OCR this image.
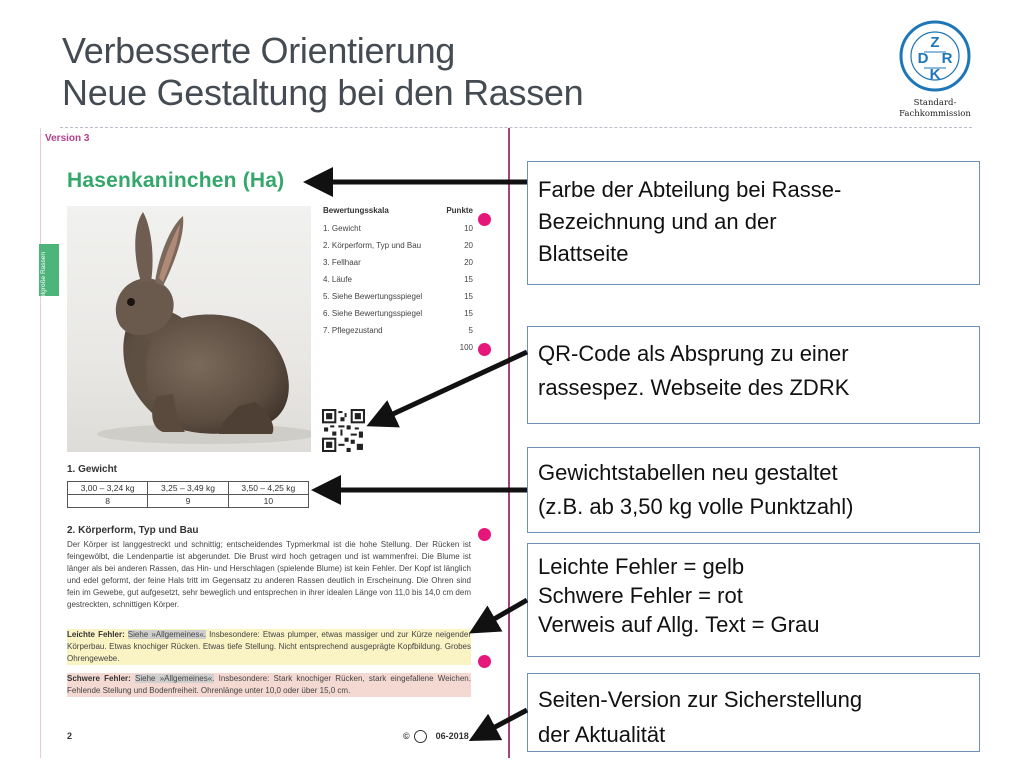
Verbesserte Orientierung
Neue Gestaltung bei den Rassen
Z
D R
K
Standard-
Fachkommission
Version 3
mittelgroße Rassen
Hasenkaninchen (Ha)
Bewertungsskala	Punkte
1. Gewicht	10
2. Körperform, Typ und Bau	20
3. Fellhaar	20
4. Läufe	15
5. Siehe Bewertungsspiegel	15
6. Siehe Bewertungsspiegel	15
7. Pflegezustand	5
100
1. Gewicht
3,00 – 3,24 kg	3,25 – 3,49 kg	3,50 – 4,25 kg
8	9	10
2. Körperform, Typ und Bau
Der Körper ist langgestreckt und schnittig; entscheidendes Typmerkmal ist die hohe Stellung. Der Rücken ist feingewölbt, die Lendenpartie ist abgerundet. Die Brust wird hoch getragen und ist wammenfrei. Die Blume ist länger als bei anderen Rassen, das Hin- und Herschlagen (spielende Blume) ist kein Fehler. Der Kopf ist länglich und edel geformt, der feine Hals tritt im Gegensatz zu anderen Rassen deutlich in Erscheinung. Die Ohren sind fein im Gewebe, gut aufgesetzt, sehr beweglich und entsprechen in ihrer idealen Länge von 11,0 bis 14,0 cm dem gestreckten, schnittigen Körper.
Leichte Fehler: Siehe »Allgemeines«. Insbesondere: Etwas plumper, etwas massiger und zur Kürze neigender Körperbau. Etwas knochiger Rücken. Etwas tiefe Stellung. Nicht entsprechend ausgeprägte Kopfbildung. Grobes Ohrengewebe.
Schwere Fehler: Siehe »Allgemeines«. Insbesondere: Stark knochiger Rücken, stark eingefallene Weichen. Fehlende Stellung und Bodenfreiheit. Ohrenlänge unter 10,0 oder über 15,0 cm.
2	©	06-2018
Farbe der Abteilung bei Rasse-
Bezeichnung und an der
Blattseite
QR-Code als Absprung zu einer
rassespez. Webseite des ZDRK
Gewichtstabellen neu gestaltet
(z.B. ab 3,50 kg volle Punktzahl)
Leichte Fehler = gelb
Schwere Fehler = rot
Verweis auf Allg. Text = Grau
Seiten-Version zur Sicherstellung
der Aktualität
